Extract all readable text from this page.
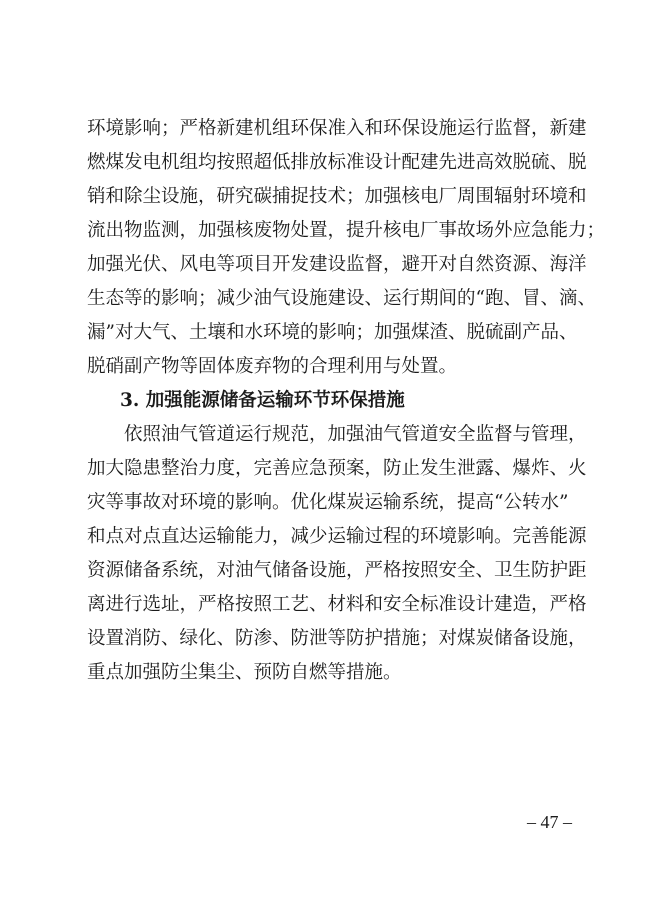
环境影响；严格新建机组环保准入和环保设施运行监督，新建
燃煤发电机组均按照超低排放标准设计配建先进高效脱硫、脱
销和除尘设施，研究碳捕捉技术；加强核电厂周围辐射环境和
流出物监测，加强核废物处置，提升核电厂事故场外应急能力；
加强光伏、风电等项目开发建设监督，避开对自然资源、海洋
生态等的影响；减少油气设施建设、运行期间的“跑、冒、滴、
漏”对大气、土壤和水环境的影响；加强煤渣、脱硫副产品、
脱硝副产物等固体废弃物的合理利用与处置。
3. 加强能源储备运输环节环保措施
依照油气管道运行规范，加强油气管道安全监督与管理，
加大隐患整治力度，完善应急预案，防止发生泄露、爆炸、火
灾等事故对环境的影响。优化煤炭运输系统，提高“公转水”
和点对点直达运输能力，减少运输过程的环境影响。完善能源
资源储备系统，对油气储备设施，严格按照安全、卫生防护距
离进行选址，严格按照工艺、材料和安全标准设计建造，严格
设置消防、绿化、防渗、防泄等防护措施；对煤炭储备设施，
重点加强防尘集尘、预防自燃等措施。
– 47 –
